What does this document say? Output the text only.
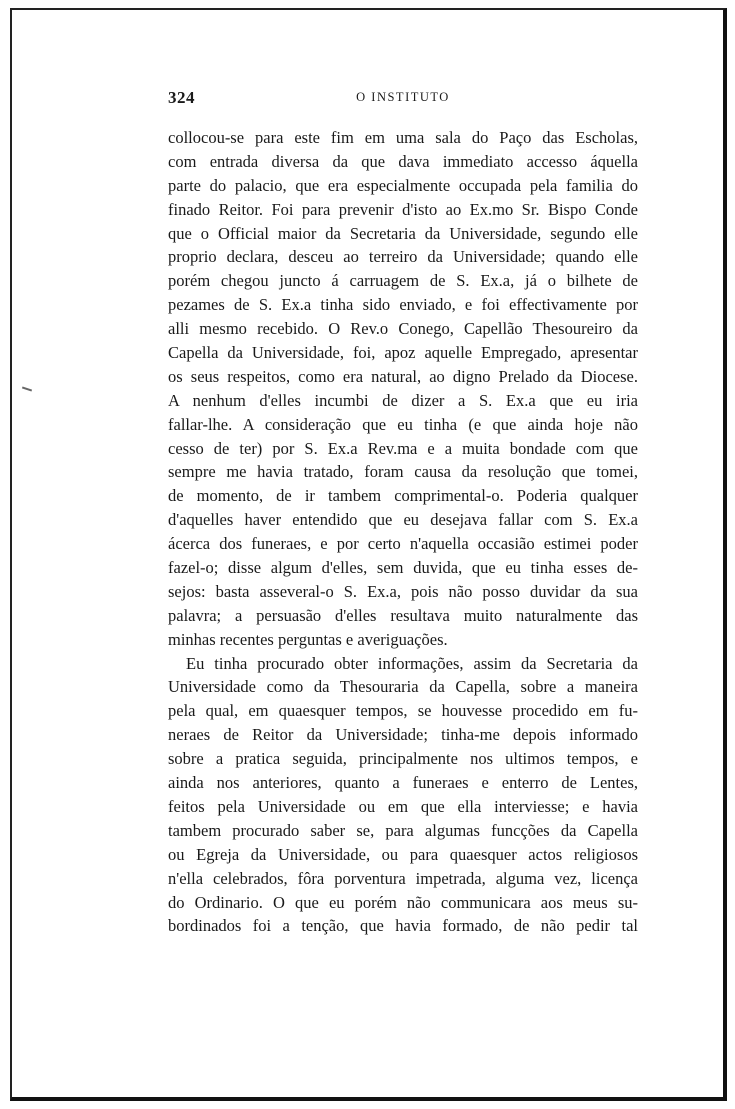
324	O INSTITUTO
collocou-se para este fim em uma sala do Paço das Escholas,
com entrada diversa da que dava immediato accesso áquella
parte do palacio, que era especialmente occupada pela familia do
finado Reitor. Foi para prevenir d'isto ao Ex.mo Sr. Bispo Conde
que o Official maior da Secretaria da Universidade, segundo elle
proprio declara, desceu ao terreiro da Universidade; quando elle
porém chegou juncto á carruagem de S. Ex.a, já o bilhete de
pezames de S. Ex.a tinha sido enviado, e foi effectivamente por
alli mesmo recebido. O Rev.o Conego, Capellão Thesoureiro da
Capella da Universidade, foi, apoz aquelle Empregado, apresentar
os seus respeitos, como era natural, ao digno Prelado da Diocese.
A nenhum d'elles incumbi de dizer a S. Ex.a que eu iria
fallar-lhe. A consideração que eu tinha (e que ainda hoje não
cesso de ter) por S. Ex.a Rev.ma e a muita bondade com que
sempre me havia tratado, foram causa da resolução que tomei,
de momento, de ir tambem comprimental-o. Poderia qualquer
d'aquelles haver entendido que eu desejava fallar com S. Ex.a
ácerca dos funeraes, e por certo n'aquella occasião estimei poder
fazel-o; disse algum d'elles, sem duvida, que eu tinha esses de-
sejos: basta asseveral-o S. Ex.a, pois não posso duvidar da sua
palavra; a persuasão d'elles resultava muito naturalmente das
minhas recentes perguntas e averiguações.
Eu tinha procurado obter informações, assim da Secretaria da
Universidade como da Thesouraria da Capella, sobre a maneira
pela qual, em quaesquer tempos, se houvesse procedido em fu-
neraes de Reitor da Universidade; tinha-me depois informado
sobre a pratica seguida, principalmente nos ultimos tempos, e
ainda nos anteriores, quanto a funeraes e enterro de Lentes,
feitos pela Universidade ou em que ella interviesse; e havia
tambem procurado saber se, para algumas funcções da Capella
ou Egreja da Universidade, ou para quaesquer actos religiosos
n'ella celebrados, fôra porventura impetrada, alguma vez, licença
do Ordinario. O que eu porém não communicara aos meus su-
bordinados foi a tenção, que havia formado, de não pedir tal
